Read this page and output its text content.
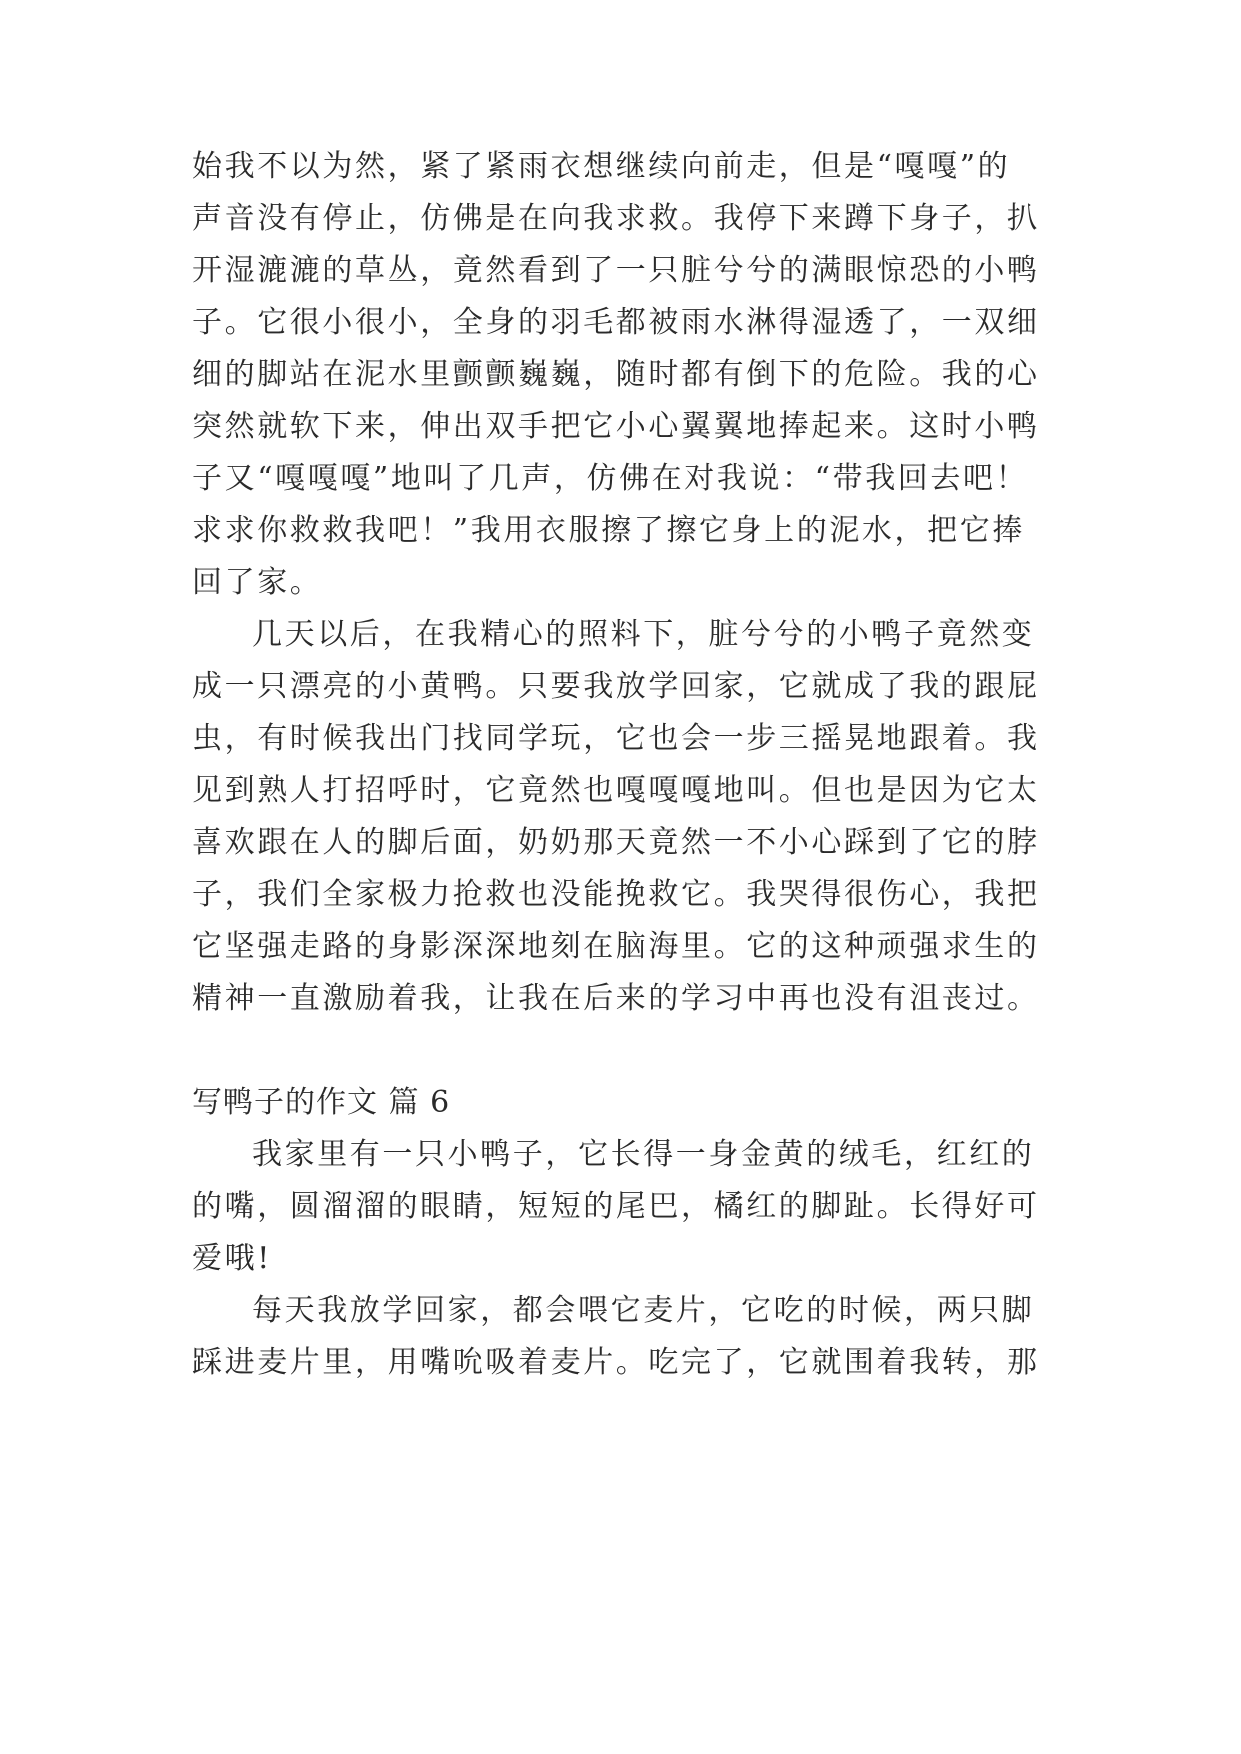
始我不以为然，紧了紧雨衣想继续向前走，但是“嘎嘎”的
声音没有停止，仿佛是在向我求救。我停下来蹲下身子，扒
开湿漉漉的草丛，竟然看到了一只脏兮兮的满眼惊恐的小鸭
子。它很小很小，全身的羽毛都被雨水淋得湿透了，一双细
细的脚站在泥水里颤颤巍巍，随时都有倒下的危险。我的心
突然就软下来，伸出双手把它小心翼翼地捧起来。这时小鸭
子又“嘎嘎嘎”地叫了几声，仿佛在对我说：“带我回去吧！
求求你救救我吧！”我用衣服擦了擦它身上的泥水，把它捧
回了家。
几天以后，在我精心的照料下，脏兮兮的小鸭子竟然变
成一只漂亮的小黄鸭。只要我放学回家，它就成了我的跟屁
虫，有时候我出门找同学玩，它也会一步三摇晃地跟着。我
见到熟人打招呼时，它竟然也嘎嘎嘎地叫。但也是因为它太
喜欢跟在人的脚后面，奶奶那天竟然一不小心踩到了它的脖
子，我们全家极力抢救也没能挽救它。我哭得很伤心，我把
它坚强走路的身影深深地刻在脑海里。它的这种顽强求生的
精神一直激励着我，让我在后来的学习中再也没有沮丧过。
写鸭子的作文 篇 6
我家里有一只小鸭子，它长得一身金黄的绒毛，红红的
的嘴，圆溜溜的眼睛，短短的尾巴，橘红的脚趾。长得好可
爱哦!
每天我放学回家，都会喂它麦片，它吃的时候，两只脚
踩进麦片里，用嘴吮吸着麦片。吃完了，它就围着我转，那
